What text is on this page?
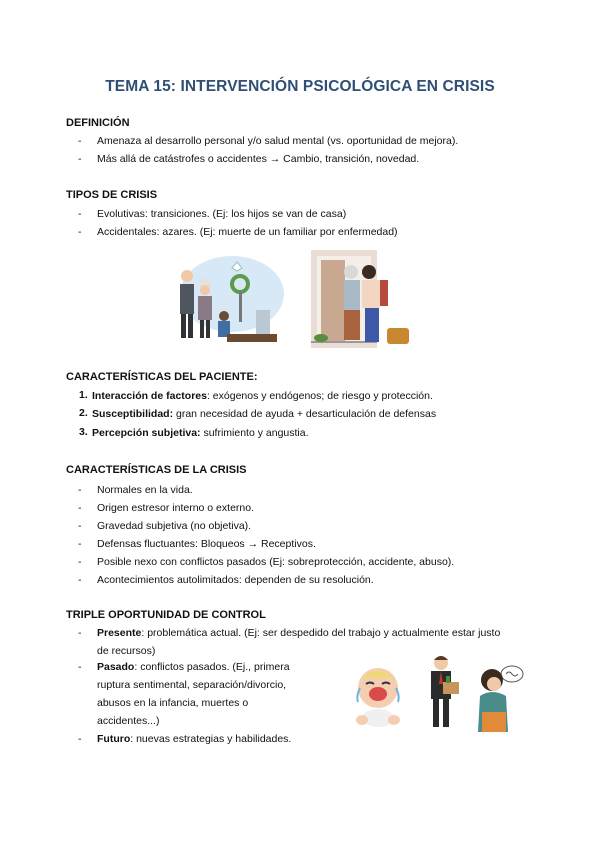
TEMA 15: INTERVENCIÓN PSICOLÓGICA EN CRISIS
DEFINICIÓN
- Amenaza al desarrollo personal y/o salud mental (vs. oportunidad de mejora).
- Más allá de catástrofes o accidentes → Cambio, transición, novedad.
TIPOS DE CRISIS
- Evolutivas: transiciones. (Ej: los hijos se van de casa)
- Accidentales: azares. (Ej: muerte de un familiar por enfermedad)
CARACTERÍSTICAS DEL PACIENTE:
1. Interacción de factores: exógenos y endógenos; de riesgo y protección.
2. Susceptibilidad: gran necesidad de ayuda + desarticulación de defensas
3. Percepción subjetiva: sufrimiento y angustia.
CARACTERÍSTICAS DE LA CRISIS
- Normales en la vida.
- Origen estresor interno o externo.
- Gravedad subjetiva (no objetiva).
- Defensas fluctuantes: Bloqueos → Receptivos.
- Posible nexo con conflictos pasados (Ej: sobreprotección, accidente, abuso).
- Acontecimientos autolimitados: dependen de su resolución.
TRIPLE OPORTUNIDAD DE CONTROL
- Presente: problemática actual. (Ej: ser despedido del trabajo y actualmente estar justo
de recursos)
- Pasado: conflictos pasados. (Ej., primera
ruptura sentimental, separación/divorcio,
abusos en la infancia, muertes o
accidentes...)
- Futuro: nuevas estrategias y habilidades.
